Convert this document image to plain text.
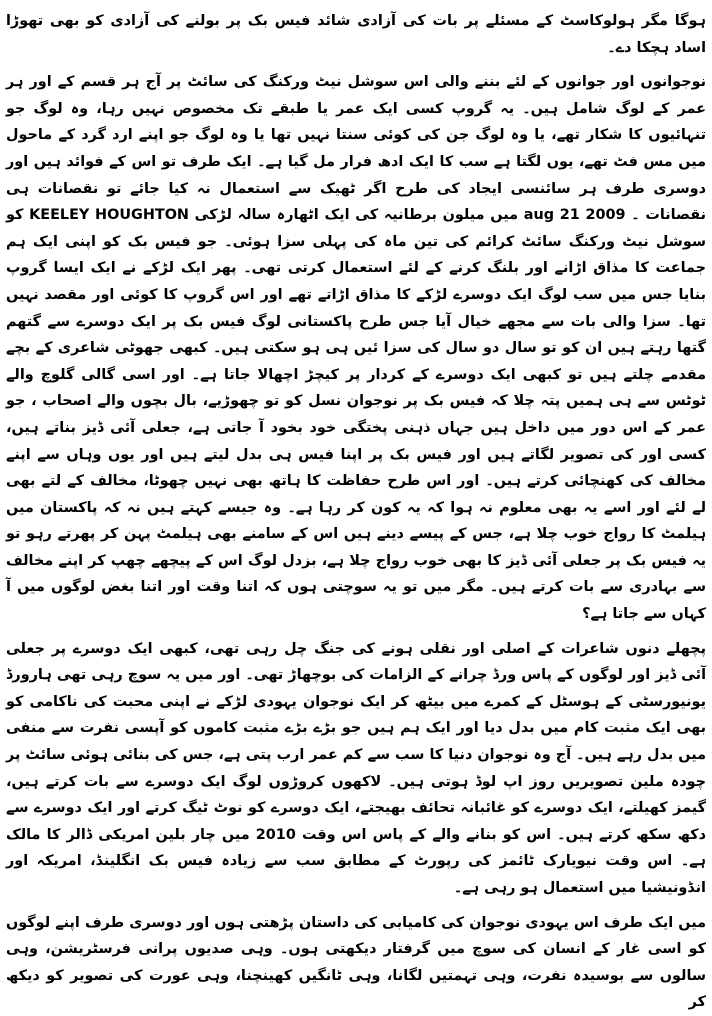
ہوگا مگر ہولوکاسٹ کے مسئلے پر بات کی آزادی شائد فیس بک پر بولنے کی آزادی کو بھی تھوڑا اساد ہچکا دے۔

نوجوانوں اور جوانوں کے لئے بننے والی اس سوشل نیٹ ورکنگ کی سائٹ پر آج ہر قسم کے اور ہر عمر کے لوگ شامل ہیں۔ یہ گروپ کسی ایک عمر یا طبقے تک مخصوص نہیں رہا، وہ لوگ جو تنہائیوں کا شکار تھے، یا وہ لوگ جن کی کوئی سنتا نہیں تھا یا وہ لوگ جو اپنے ارد گرد کے ماحول میں مس فٹ تھے، یوں لگتا ہے سب کا ایک ادھ فرار مل گیا ہے۔ ایک طرف تو اس کے فوائد ہیں اور دوسری طرف ہر سائنسی ایجاد کی طرح اگر ٹھیک سے استعمال نہ کیا جائے تو نقصانات ہی نقصانات ۔ 2009 aug 21 میں میلون برطانیہ کی ایک اٹھارہ سالہ لڑکی KEELEY HOUGHTON کو سوشل نیٹ ورکنگ سائٹ کرائم کی تین ماہ کی پہلی سزا ہوئی۔ جو فیس بک کو اپنی ایک ہم جماعت کا مذاق اڑانے اور بلنگ کرنے کے لئے استعمال کرتی تھی۔ پھر ایک لڑکے نے ایک ایسا گروپ بنایا جس میں سب لوگ ایک دوسرے لڑکے کا مذاق اڑاتے تھے اور اس گروپ کا کوئی اور مقصد نہیں تھا۔ سزا والی بات سے مجھے خیال آیا جس طرح پاکستانی لوگ فیس بک پر ایک دوسرے سے گتھم گتھا رہتے ہیں ان کو تو سال دو سال کی سزا ئیں ہی ہو سکتی ہیں۔ کبھی جھوٹی شاعری کے بچے مقدمے چلتے ہیں تو کبھی ایک دوسرے کے کردار پر کیچڑ اچھالا جاتا ہے۔ اور اسی گالی گلوچ والے ٹوٹس سے ہی ہمیں پتہ چلا کہ فیس بک پر نوجوان نسل کو تو چھوڑیے، بال بچوں والے اصحاب ، جو عمر کے اس دور میں داخل ہیں جہاں ذہنی پختگی خود بخود آ جاتی ہے، جعلی آئی ڈیز بناتے ہیں، کسی اور کی تصویر لگاتے ہیں اور فیس بک پر اپنا فیس ہی بدل لیتے ہیں اور یوں وہاں سے اپنے مخالف کی کھنچائی کرتے ہیں۔ اور اس طرح حفاظت کا ہاتھ بھی نہیں چھوٹا، مخالف کے لتے بھی لے لئے اور اسے یہ بھی معلوم نہ ہوا کہ یہ کون کر رہا ہے۔ وہ جیسے کہتے ہیں نہ کہ پاکستان میں ہیلمٹ کا رواج خوب چلا ہے، جس کے پیسے دینے ہیں اس کے سامنے بھی ہیلمٹ پہن کر پھرتے رہو تو یہ فیس بک پر جعلی آئی ڈیز کا بھی خوب رواج چلا ہے، بزدل لوگ اس کے پیچھے چھپ کر اپنے مخالف سے بہادری سے بات کرتے ہیں۔ مگر میں تو یہ سوچتی ہوں کہ اتنا وقت اور اتنا بغض لوگوں میں آ کہاں سے جاتا ہے؟

پچھلے دنوں شاعرات کے اصلی اور نقلی ہونے کی جنگ چل رہی تھی، کبھی ایک دوسرے پر جعلی آئی ڈیز اور لوگوں کے پاس ورڈ چرانے کے الزامات کی بوچھاڑ تھی۔ اور میں یہ سوچ رہی تھی ہارورڈ یونیورسٹی کے ہوسٹل کے کمرے میں بیٹھ کر ایک نوجوان یہودی لڑکے نے اپنی محبت کی ناکامی کو بھی ایک مثبت کام میں بدل دیا اور ایک ہم ہیں جو بڑے بڑے مثبت کاموں کو آپسی نفرت سے منفی میں بدل رہے ہیں۔ آج وہ نوجوان دنیا کا سب سے کم عمر ارب پتی ہے، جس کی بنائی ہوئی سائٹ پر چودہ ملین تصویریں روز اپ لوڈ ہوتی ہیں۔ لاکھوں کروڑوں لوگ ایک دوسرے سے بات کرتے ہیں، گیمز کھیلتے، ایک دوسرے کو غائبانہ تحائف بھیجتے، ایک دوسرے کو نوٹ ٹیگ کرتے اور ایک دوسرے سے دکھ سکھ کرتے ہیں۔ اس کو بنانے والے کے پاس اس وقت 2010 میں چار بلین امریکی ڈالر کا مالک ہے۔ اس وقت نیویارک ٹائمز کی رپورٹ کے مطابق سب سے زیادہ فیس بک انگلینڈ، امریکہ اور انڈونیشیا میں استعمال ہو رہی ہے۔

میں ایک طرف اس یہودی نوجوان کی کامیابی کی داستان پڑھتی ہوں اور دوسری طرف اپنے لوگوں کو اسی غار کے انسان کی سوچ میں گرفتار دیکھتی ہوں۔ وہی صدیوں پرانی فرسٹریشن، وہی سالوں سے بوسیدہ نفرت، وہی تہمتیں لگانا، وہی ٹانگیں کھینچنا، وہی عورت کی تصویر کو دیکھ کر
